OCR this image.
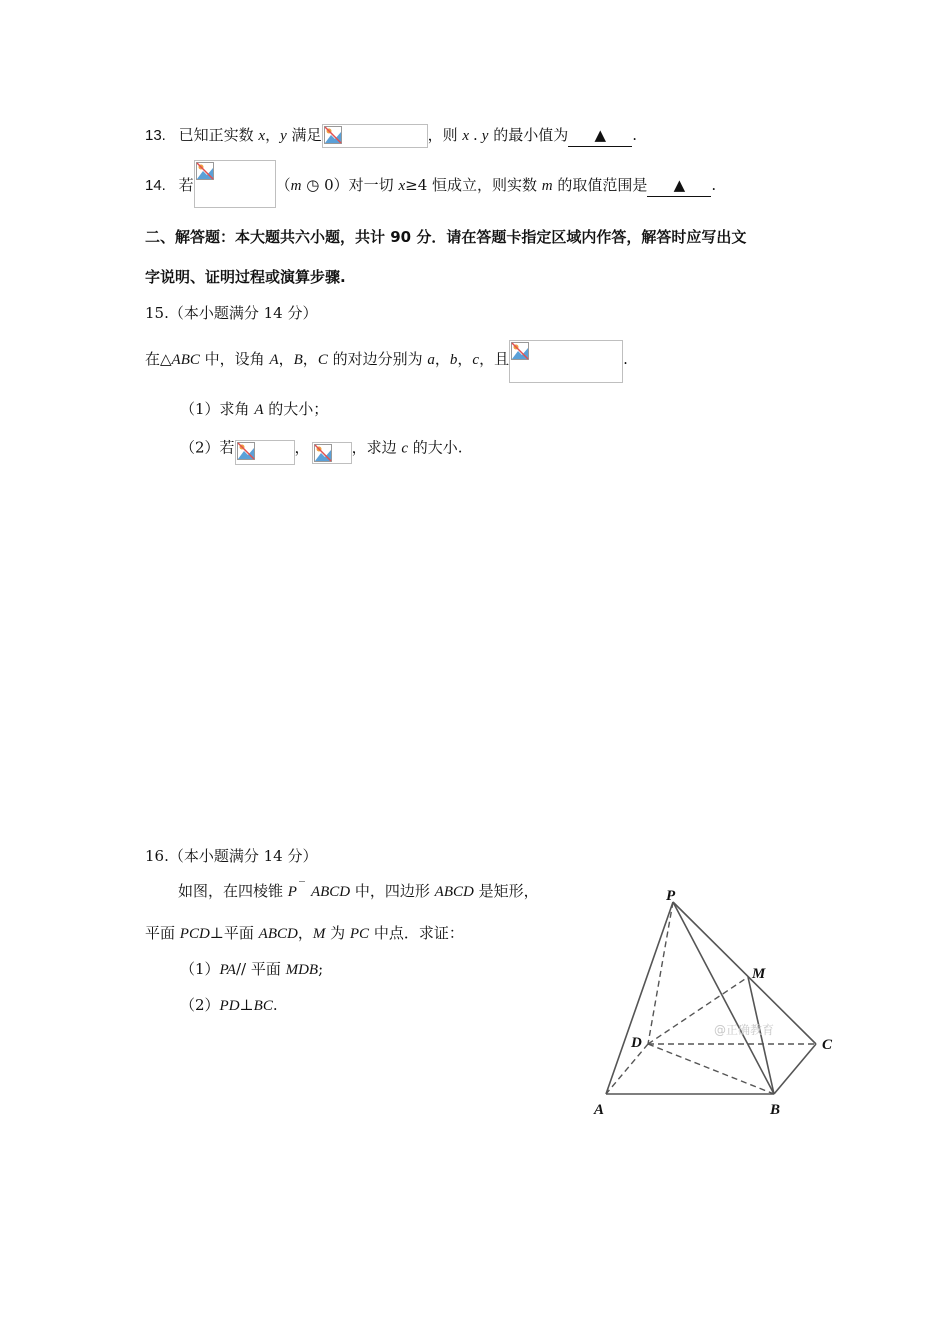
13. 已知正实数 x，y 满足	，则 x . y 的最小值为 ▲ .
14. 若	（m ◷ 0）对一切 x≥4 恒成立，则实数 m 的取值范围是 ▲ .
二、解答题：本大题共六小题，共计 90 分．请在答题卡指定区域内作答，解答时应写出文
字说明、证明过程或演算步骤.
15.（本小题满分 14 分）
在△ABC 中，设角 A，B，C 的对边分别为 a，b，c，且	.
（1）求角 A 的大小；
（2）若	，	，求边 c 的大小.
16.（本小题满分 14 分）
如图，在四棱锥 P ‾ ABCD 中，四边形 ABCD 是矩形，
平面 PCD⊥平面 ABCD，M 为 PC 中点．求证：
（1）PA// 平面 MDB;
（2）PD⊥BC.
@正确教育
P
M
D	C
A	B
